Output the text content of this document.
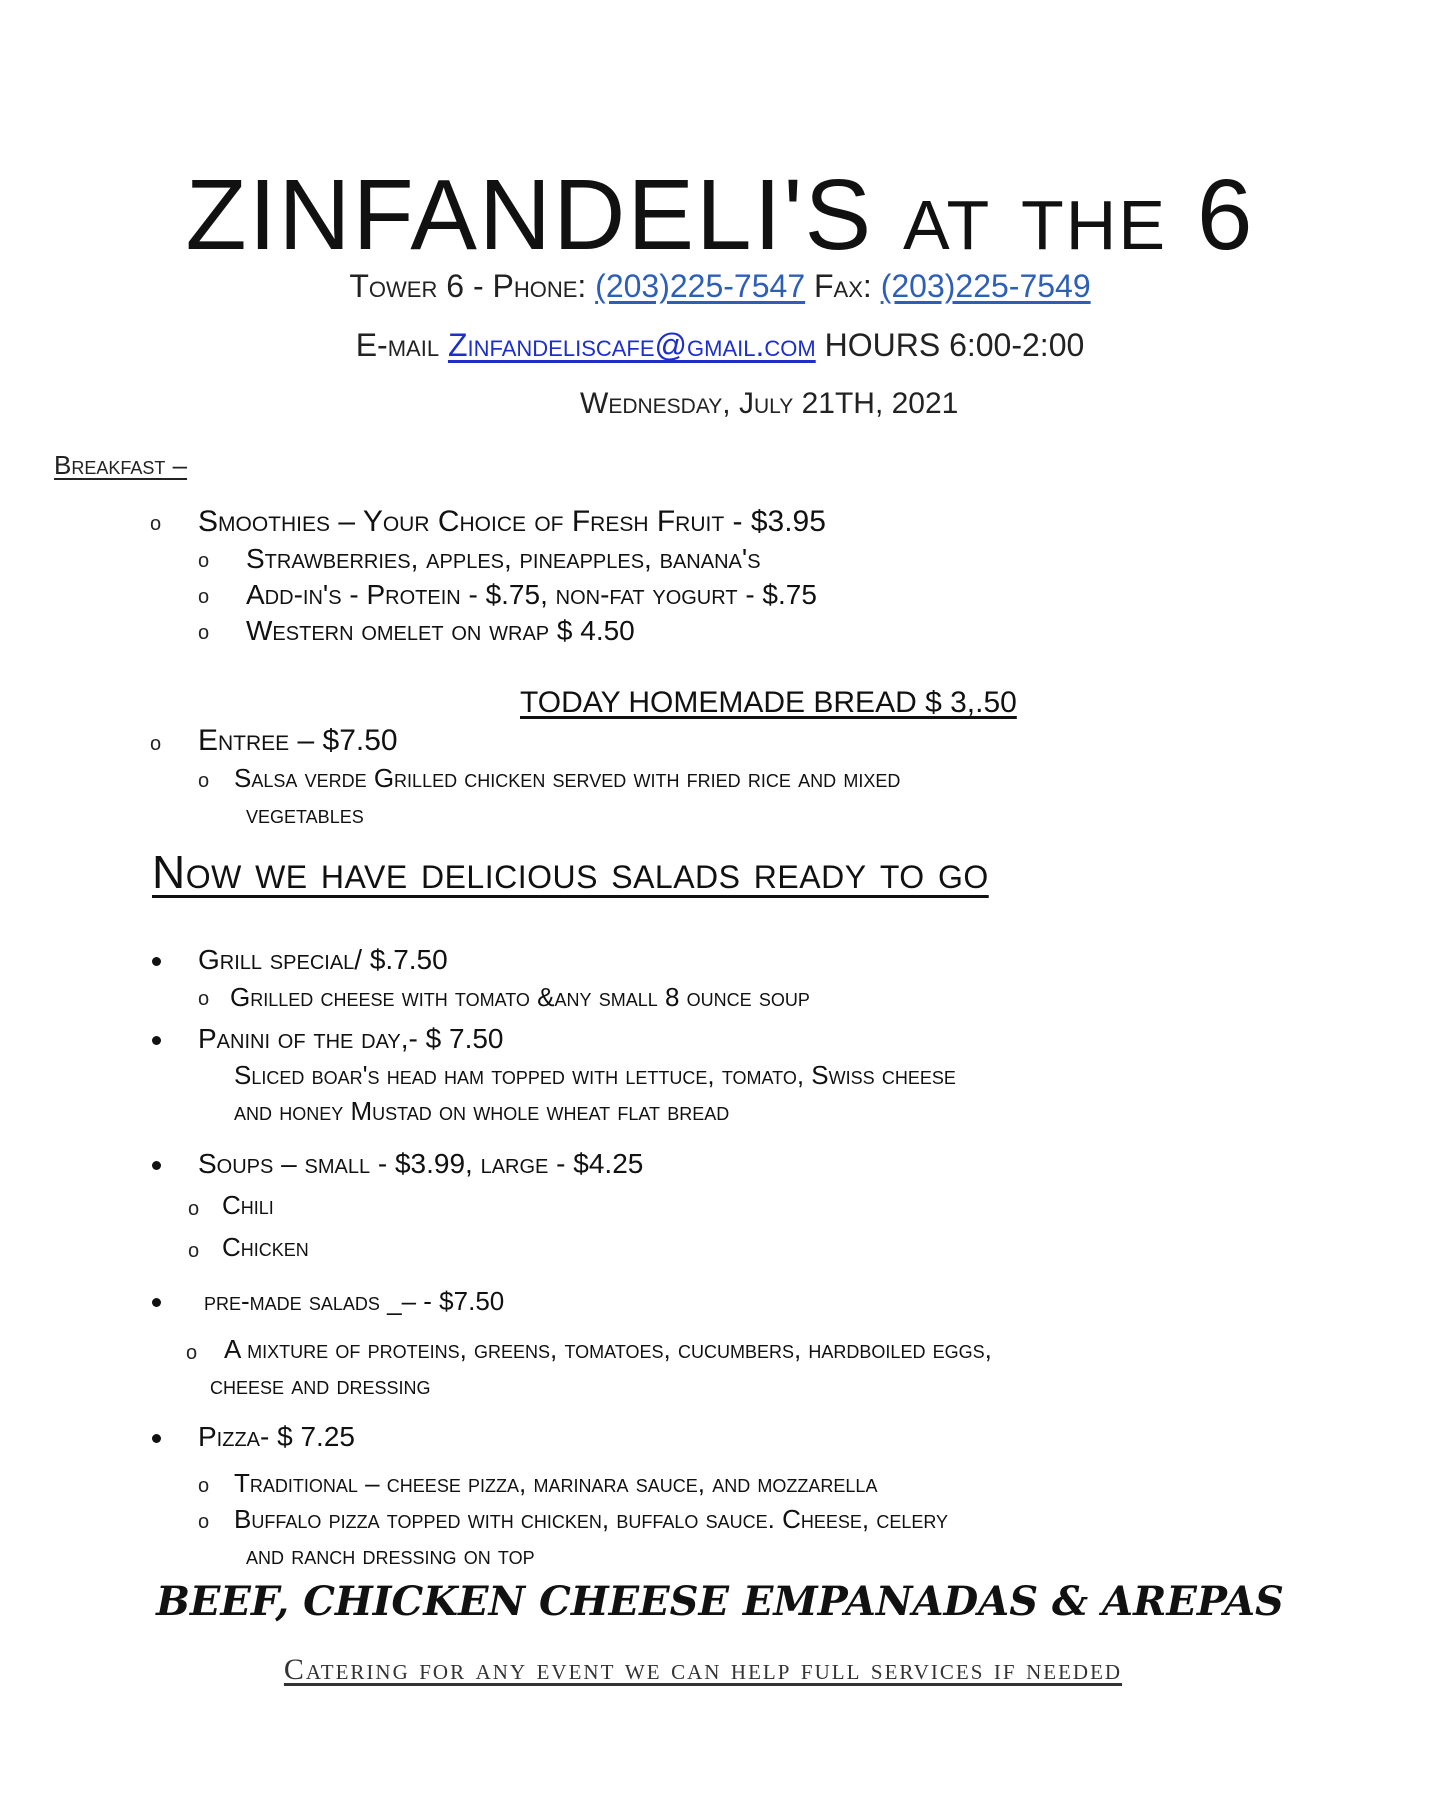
ZINFANDELI'S at the 6
Tower 6 - Phone: (203)225-7547 Fax: (203)225-7549
E-mail Zinfandeliscafe@gmail.com HOURS 6:00-2:00
Wednesday, July 21TH, 2021
Breakfast –
o Smoothies – Your Choice of Fresh Fruit - $3.95
o Strawberries, apples, pineapples, banana's
o Add-in's - Protein - $.75, non-fat yogurt - $.75
o Western omelet on wrap $ 4.50
TODAY HOMEMADE BREAD $ 3,.50
o Entree – $7.50
o Salsa verde Grilled chicken served with fried rice and mixed
vegetables
Now we have delicious salads ready to go
Grill special/ $.7.50
o Grilled cheese with tomato &any small 8 ounce soup
Panini of the day,- $ 7.50
Sliced boar's head ham topped with lettuce, tomato, Swiss cheese
and honey Mustad on whole wheat flat bread
Soups – small - $3.99, large - $4.25
o Chili
o Chicken
pre-made salads _– - $7.50
o A mixture of proteins, greens, tomatoes, cucumbers, hardboiled eggs,
cheese and dressing
Pizza- $ 7.25
o Traditional – cheese pizza, marinara sauce, and mozzarella
o Buffalo pizza topped with chicken, buffalo sauce. Cheese, celery
and ranch dressing on top
BEEF, CHICKEN CHEESE EMPANADAS & AREPAS
Catering for any event we can help full services if needed
